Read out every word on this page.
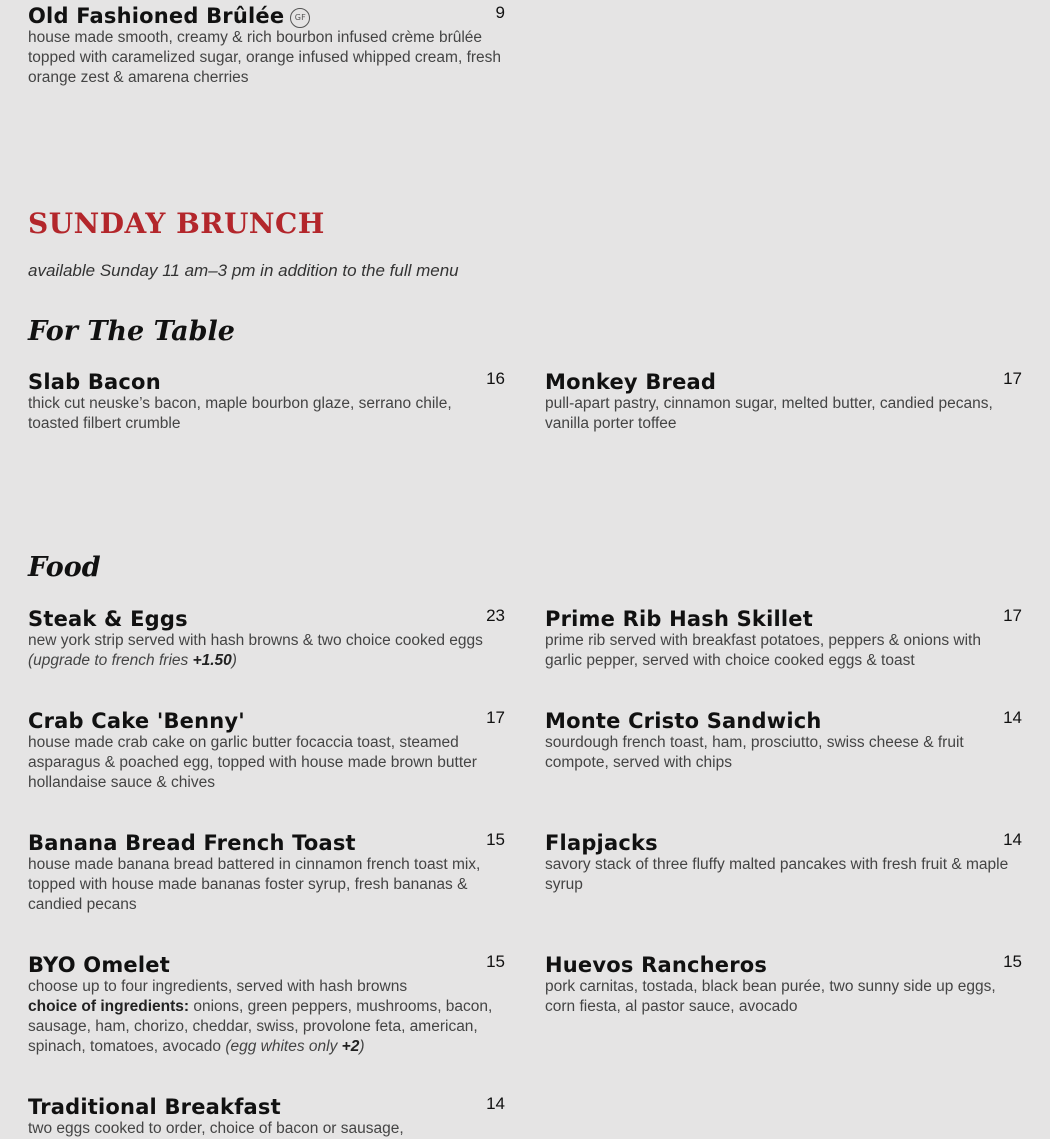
Old Fashioned Brûlée GF	9
house made smooth, creamy & rich bourbon infused crème brûlée topped with caramelized sugar, orange infused whipped cream, fresh orange zest & amarena cherries
SUNDAY BRUNCH
available Sunday 11 am–3 pm in addition to the full menu
For The Table
Slab Bacon	16
thick cut neuske’s bacon, maple bourbon glaze, serrano chile, toasted filbert crumble
Monkey Bread	17
pull-apart pastry, cinnamon sugar, melted butter, candied pecans, vanilla porter toffee
Food
Steak & Eggs	23
new york strip served with hash browns & two choice cooked eggs (upgrade to french fries +1.50)
Prime Rib Hash Skillet	17
prime rib served with breakfast potatoes, peppers & onions with garlic pepper, served with choice cooked eggs & toast
Crab Cake 'Benny'	17
house made crab cake on garlic butter focaccia toast, steamed asparagus & poached egg, topped with house made brown butter hollandaise sauce & chives
Monte Cristo Sandwich	14
sourdough french toast, ham, prosciutto, swiss cheese & fruit compote, served with chips
Banana Bread French Toast	15
house made banana bread battered in cinnamon french toast mix, topped with house made bananas foster syrup, fresh bananas & candied pecans
Flapjacks	14
savory stack of three fluffy malted pancakes with fresh fruit & maple syrup
BYO Omelet	15
choose up to four ingredients, served with hash browns
choice of ingredients: onions, green peppers, mushrooms, bacon, sausage, ham, chorizo, cheddar, swiss, provolone feta, american, spinach, tomatoes, avocado (egg whites only +2)
Huevos Rancheros	15
pork carnitas, tostada, black bean purée, two sunny side up eggs, corn fiesta, al pastor sauce, avocado
Traditional Breakfast	14
two eggs cooked to order, choice of bacon or sausage,
